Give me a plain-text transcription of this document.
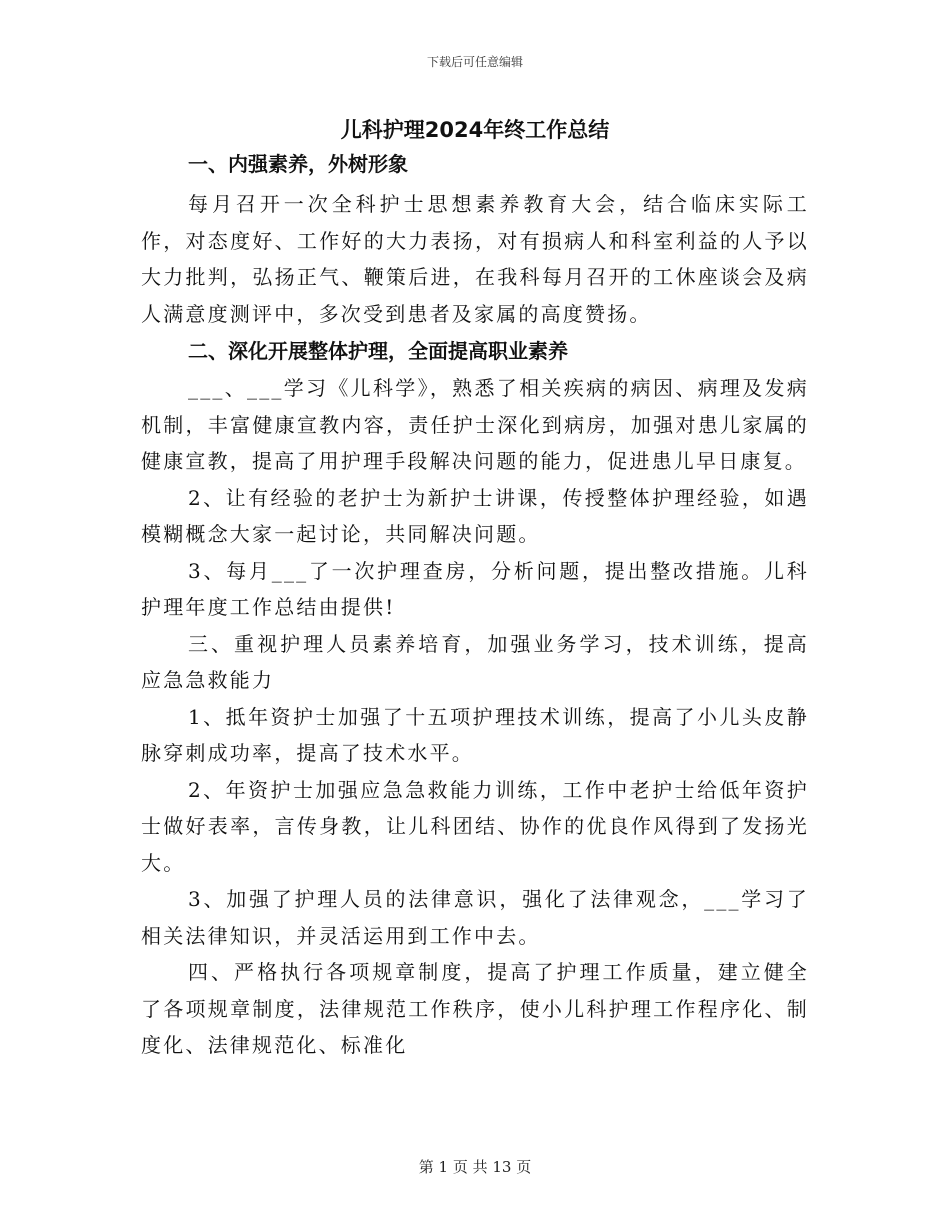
下载后可任意编辑
儿科护理2024年终工作总结

一、内强素养，外树形象

每月召开一次全科护士思想素养教育大会，结合临床实际工作，对态度好、工作好的大力表扬，对有损病人和科室利益的人予以大力批判，弘扬正气、鞭策后进，在我科每月召开的工休座谈会及病人满意度测评中，多次受到患者及家属的高度赞扬。

二、深化开展整体护理，全面提高职业素养

___、___学习《儿科学》，熟悉了相关疾病的病因、病理及发病机制，丰富健康宣教内容，责任护士深化到病房，加强对患儿家属的健康宣教，提高了用护理手段解决问题的能力，促进患儿早日康复。

2、让有经验的老护士为新护士讲课，传授整体护理经验，如遇模糊概念大家一起讨论，共同解决问题。

3、每月___了一次护理查房，分析问题，提出整改措施。儿科护理年度工作总结由提供!

三、重视护理人员素养培育，加强业务学习，技术训练，提高应急急救能力

1、抵年资护士加强了十五项护理技术训练，提高了小儿头皮静脉穿刺成功率，提高了技术水平。

2、年资护士加强应急急救能力训练，工作中老护士给低年资护士做好表率，言传身教，让儿科团结、协作的优良作风得到了发扬光大。

3、加强了护理人员的法律意识，强化了法律观念，___学习了相关法律知识，并灵活运用到工作中去。

四、严格执行各项规章制度，提高了护理工作质量，建立健全了各项规章制度，法律规范工作秩序，使小儿科护理工作程序化、制度化、法律规范化、标准化

第 1 页 共 13 页
